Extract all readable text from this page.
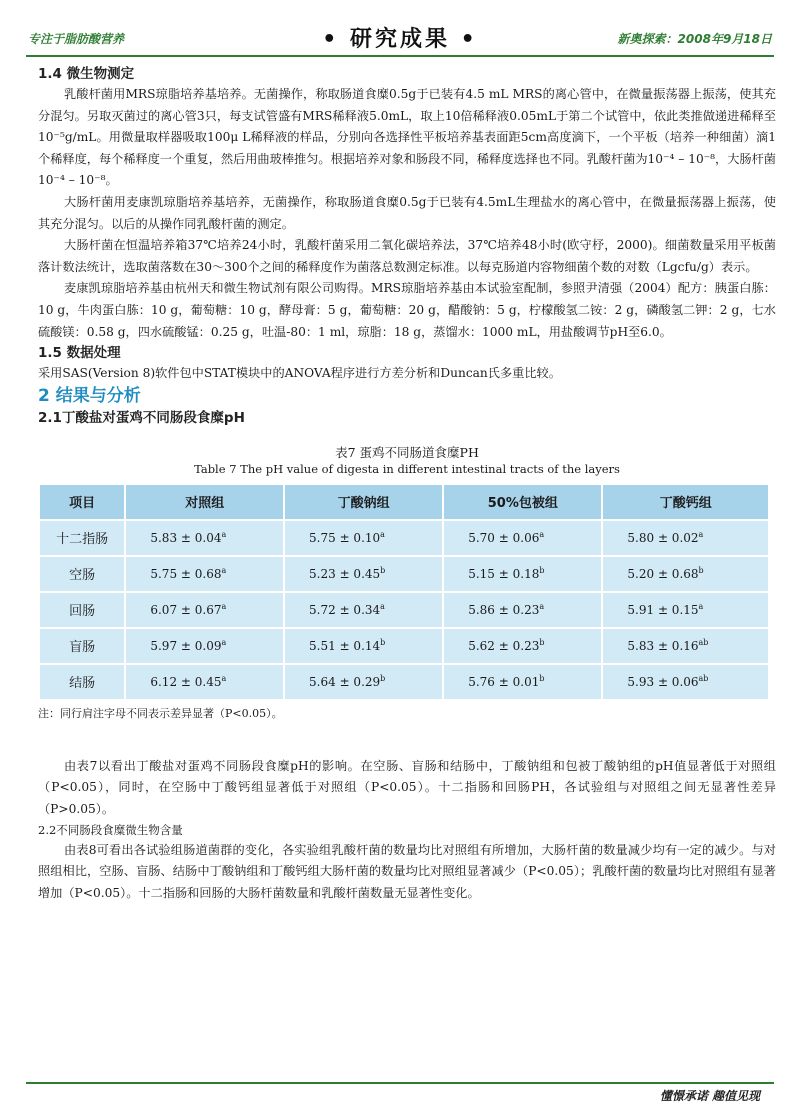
专注于脂肪酸营养	• 研究成果 •	新奥探索：2008年9月18日
1.4 微生物测定

乳酸杆菌用MRS琼脂培养基培养。无菌操作，称取肠道食糜0.5g于已装有4.5 mL MRS的离心管中，在微量振荡器上振荡，使其充分混匀。另取灭菌过的离心管3只，每支试管盛有MRS稀释液5.0mL，取上10倍稀释液0.05mL于第二个试管中，依此类推做递进稀释至10⁻⁵g/mL。用微量取样器吸取100μ L稀释液的样品，分别向各选择性平板培养基表面距5cm高度滴下，一个平板（培养一种细菌）滴1个稀释度，每个稀释度一个重复，然后用曲玻棒推匀。根据培养对象和肠段不同，稀释度选择也不同。乳酸杆菌为10⁻⁴ – 10⁻⁸，大肠杆菌10⁻⁴ – 10⁻⁸。

大肠杆菌用麦康凯琼脂培养基培养，无菌操作，称取肠道食糜0.5g于已装有4.5mL生理盐水的离心管中，在微量振荡器上振荡，使其充分混匀。以后的从操作同乳酸杆菌的测定。

大肠杆菌在恒温培养箱37℃培养24小时，乳酸杆菌采用二氧化碳培养法，37℃培养48小时(欧守杼，2000)。细菌数量采用平板菌落计数法统计，选取菌落数在30～300个之间的稀释度作为菌落总数测定标准。以每克肠道内容物细菌个数的对数（Lgcfu/g）表示。

麦康凯琼脂培养基由杭州天和微生物试剂有限公司购得。MRS琼脂培养基由本试验室配制，参照尹清强（2004）配方：胰蛋白胨：10 g，牛肉蛋白胨：10 g，葡萄糖：10 g，酵母膏：5 g，葡萄糖：20 g，醋酸钠：5 g，柠檬酸氢二铵：2 g，磷酸氢二钾：2 g，七水硫酸镁：0.58 g，四水硫酸锰：0.25 g，吐温-80：1 ml，琼脂：18 g，蒸馏水：1000 mL，用盐酸调节pH至6.0。

1.5 数据处理

采用SAS(Version 8)软件包中STAT模块中的ANOVA程序进行方差分析和Duncan氏多重比较。

2 结果与分析
2.1丁酸盐对蛋鸡不同肠段食糜pH
表7 蛋鸡不同肠道食糜PH
Table 7 The pH value of digesta in different intestinal tracts of the layers
项目	对照组	丁酸钠组	50%包被组	丁酸钙组
十二指肠	5.83 ± 0.04$^a$	5.75 ± 0.10$^a$	5.70 ± 0.06$^a$	5.80 ± 0.02$^a$
空肠	5.75 ± 0.68$^a$	5.23 ± 0.45$^b$	5.15 ± 0.18$^b$	5.20 ± 0.68$^b$
回肠	6.07 ± 0.67$^a$	5.72 ± 0.34$^a$	5.86 ± 0.23$^a$	5.91 ± 0.15$^a$
盲肠	5.97 ± 0.09$^a$	5.51 ± 0.14$^b$	5.62 ± 0.23$^b$	5.83 ± 0.16$^{ab}$
结肠	6.12 ± 0.45$^a$	5.64 ± 0.29$^b$	5.76 ± 0.01$^b$	5.93 ± 0.06$^{ab}$
注：同行肩注字母不同表示差异显著（P<0.05）。

由表7以看出丁酸盐对蛋鸡不同肠段食糜pH的影响。在空肠、盲肠和结肠中，丁酸钠组和包被丁酸钠组的pH值显著低于对照组（P<0.05），同时，在空肠中丁酸钙组显著低于对照组（P<0.05）。十二指肠和回肠PH，各试验组与对照组之间无显著性差异（P>0.05）。

2.2不同肠段食糜微生物含量

由表8可看出各试验组肠道菌群的变化，各实验组乳酸杆菌的数量均比对照组有所增加，大肠杆菌的数量减少均有一定的减少。与对照组相比，空肠、盲肠、结肠中丁酸钠组和丁酸钙组大肠杆菌的数量均比对照组显著减少（P<0.05）；乳酸杆菌的数量均比对照组有显著增加（P<0.05）。十二指肠和回肠的大肠杆菌数量和乳酸杆菌数量无显著性变化。

懂憬承诺 趣值见现
